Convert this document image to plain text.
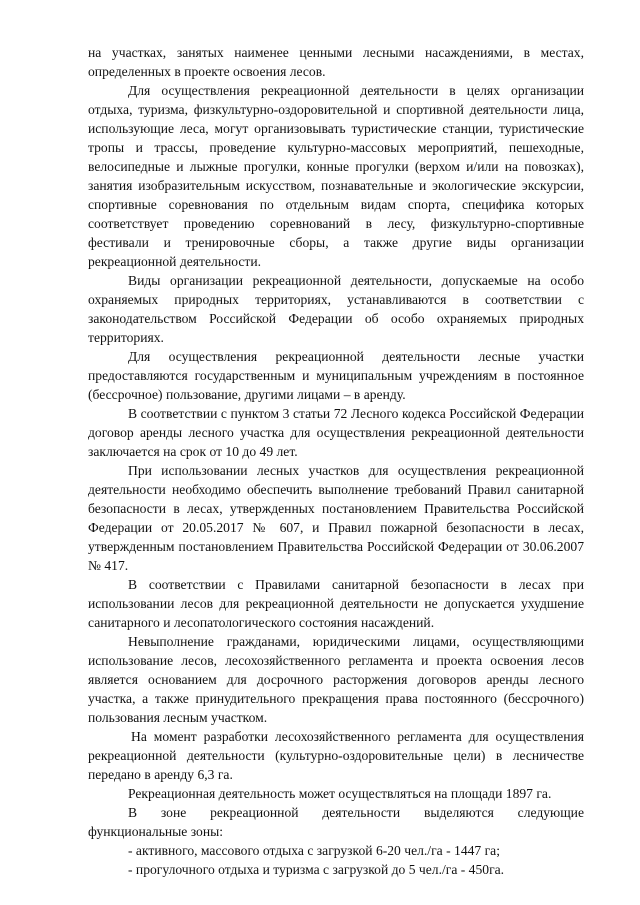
на участках, занятых наименее ценными лесными насаждениями, в местах, определенных в проекте освоения лесов.

Для осуществления рекреационной деятельности в целях организации отдыха, туризма, физкультурно-оздоровительной и спортивной деятельности лица, использующие леса, могут организовывать туристические станции, туристические тропы и трассы, проведение культурно-массовых мероприятий, пешеходные, велосипедные и лыжные прогулки, конные прогулки (верхом и/или на повозках), занятия изобразительным искусством, познавательные и экологические экскурсии, спортивные соревнования по отдельным видам спорта, специфика которых соответствует проведению соревнований в лесу, физкультурно-спортивные фестивали и тренировочные сборы, а также другие виды организации рекреационной деятельности.

Виды организации рекреационной деятельности, допускаемые на особо охраняемых природных территориях, устанавливаются в соответствии с законодательством Российской Федерации об особо охраняемых природных территориях.

Для осуществления рекреационной деятельности лесные участки предоставляются государственным и муниципальным учреждениям в постоянное (бессрочное) пользование, другими лицами – в аренду.

В соответствии с пунктом 3 статьи 72 Лесного кодекса Российской Федерации договор аренды лесного участка для осуществления рекреационной деятельности заключается на срок от 10 до 49 лет.

При использовании лесных участков для осуществления рекреационной деятельности необходимо обеспечить выполнение требований Правил санитарной безопасности в лесах, утвержденных постановлением Правительства Российской Федерации от 20.05.2017 № 607, и Правил пожарной безопасности в лесах, утвержденным постановлением Правительства Российской Федерации от 30.06.2007 № 417.

В соответствии с Правилами санитарной безопасности в лесах при использовании лесов для рекреационной деятельности не допускается ухудшение санитарного и лесопатологического состояния насаждений.

Невыполнение гражданами, юридическими лицами, осуществляющими использование лесов, лесохозяйственного регламента и проекта освоения лесов является основанием для досрочного расторжения договоров аренды лесного участка, а также принудительного прекращения права постоянного (бессрочного) пользования лесным участком.

На момент разработки лесохозяйственного регламента для осуществления рекреационной деятельности (культурно-оздоровительные цели) в лесничестве передано в аренду 6,3 га.

Рекреационная деятельность может осуществляться на площади 1897 га.

В зоне рекреационной деятельности выделяются следующие функциональные зоны:

- активного, массового отдыха с загрузкой 6-20 чел./га - 1447 га;

- прогулочного отдыха и туризма с загрузкой до 5 чел./га - 450га.
